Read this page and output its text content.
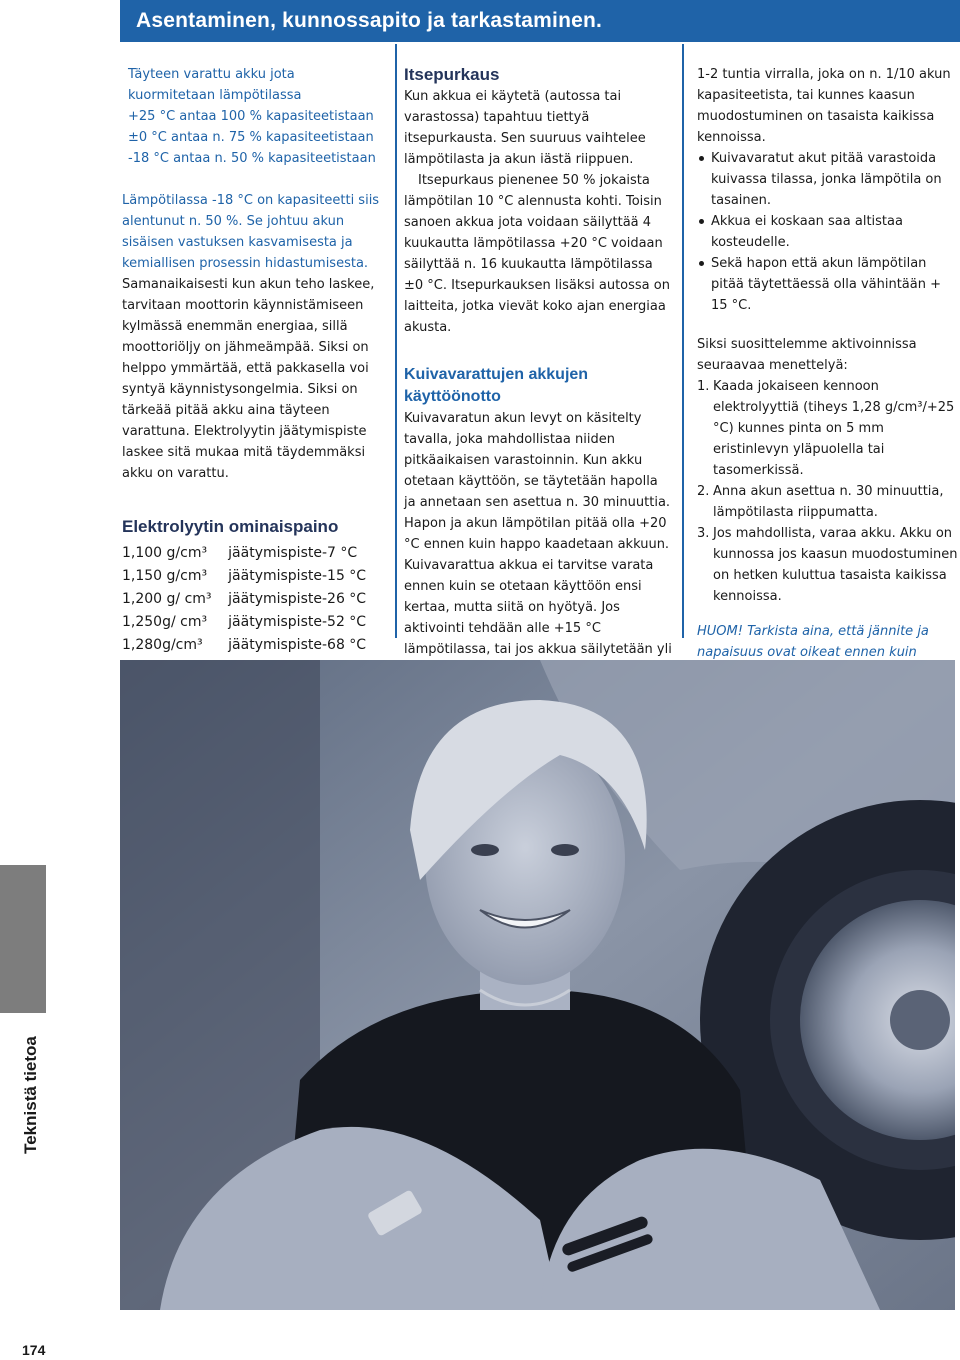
Asentaminen, kunnossapito ja tarkastaminen.
Täyteen varattu akku jota kuormitetaan lämpötilassa
+25 °C antaa 100 % kapasiteetistaan
±0 °C antaa n. 75 % kapasiteetistaan
-18 °C antaa n. 50 % kapasiteetistaan

Lämpötilassa -18 °C on kapasiteetti siis alentunut n. 50 %. Se johtuu akun sisäisen vastuksen kasvamisesta ja kemiallisen prosessin hidastumisesta. Samanaikaisesti kun akun teho laskee, tarvitaan moottorin käynnistämiseen kylmässä enemmän energiaa, sillä moottoriöljy on jähmeämpää. Siksi on helppo ymmärtää, että pakkasella voi syntyä käynnistysongelmia. Siksi on tärkeää pitää akku aina täyteen varattuna. Elektrolyytin jäätymispiste laskee sitä mukaa mitä täydemmäksi akku on varattu.

Elektrolyytin ominaispaino
1,100 g/cm³	jäätymispiste	-7 °C
1,150 g/cm³	jäätymispiste	-15 °C
1,200 g/ cm³	jäätymispiste	-26 °C
1,250g/ cm³	jäätymispiste	-52 °C
1,280g/cm³	jäätymispiste	-68 °C
Itsepurkaus

Kun akkua ei käytetä (autossa tai varastossa) tapahtuu tiettyä itsepurkausta. Sen suuruus vaihtelee lämpötilasta ja akun iästä riippuen.

Itsepurkaus pienenee 50 % jokaista lämpötilan 10 °C alennusta kohti. Toisin sanoen akkua jota voidaan säilyttää 4 kuukautta lämpötilassa +20 °C voidaan säilyttää n. 16 kuukautta lämpötilassa ±0 °C. Itsepurkauksen lisäksi autossa on laitteita, jotka vievät koko ajan energiaa akusta.

Kuivavarattujen akkujen käyttöönotto

Kuivavaratun akun levyt on käsitelty tavalla, joka mahdollistaa niiden pitkäaikaisen varastoinnin. Kun akku otetaan käyttöön, se täytetään hapolla ja annetaan sen asettua n. 30 minuuttia. Hapon ja akun lämpötilan pitää olla +20 °C ennen kuin happo kaadetaan akkuun. Kuivavarattua akkua ei tarvitse varata ennen kuin se otetaan käyttöön ensi kertaa, mutta siitä on hyötyä. Jos aktivointi tehdään alle +15 °C lämpötilassa, tai jos akkua säilytetään yli

1-2 tuntia virralla, joka on n. 1/10 akun kapasiteetista, tai kunnes kaasun muodostuminen on tasaista kaikissa kennoissa.

Kuivavaratut akut pitää varastoida kuivassa tilassa, jonka lämpötila on tasainen.
Akkua ei koskaan saa altistaa kosteudelle.
Sekä hapon että akun lämpötilan pitää täytettäessä olla vähintään + 15 °C.

Siksi suosittelemme aktivoinnissa seuraavaa menettelyä:

1. Kaada jokaiseen kennoon elektrolyyttiä (tiheys 1,28 g/cm³/+25 °C) kunnes pinta on 5 mm eristinlevyn yläpuolella tai tasomerkissä.
2. Anna akun asettua n. 30 minuuttia, lämpötilasta riippumatta.
3. Jos mahdollista, varaa akku. Akku on kunnossa jos kaasun muodostuminen on hetken kuluttua tasaista kaikissa kennoissa.

HUOM! Tarkista aina, että jännite ja napaisuus ovat oikeat ennen kuin

Teknistä tietoa
174
